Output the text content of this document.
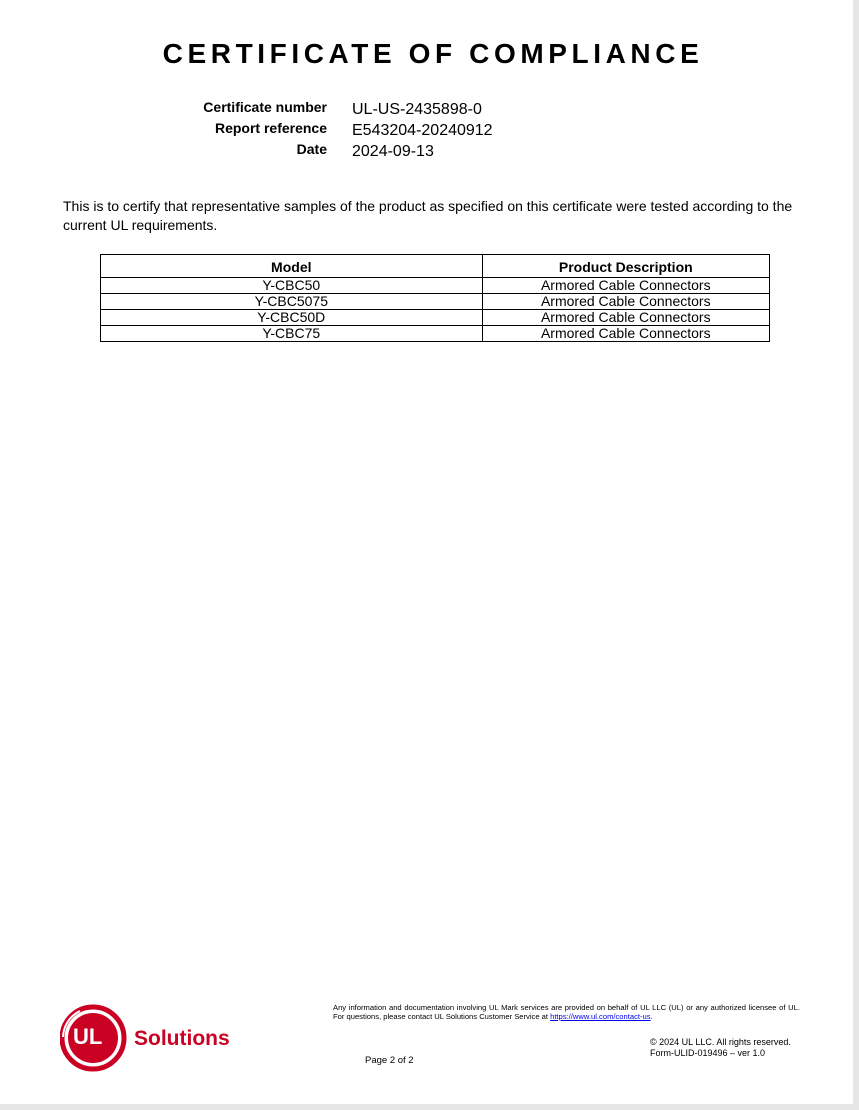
CERTIFICATE OF COMPLIANCE
Certificate number UL-US-2435898-0
Report reference E543204-20240912
Date 2024-09-13
This is to certify that representative samples of the product as specified on this certificate were tested according to the current UL requirements.
Model	Product Description
Y-CBC50	Armored Cable Connectors
Y-CBC5075	Armored Cable Connectors
Y-CBC50D	Armored Cable Connectors
Y-CBC75	Armored Cable Connectors
UL Solutions
Any information and documentation involving UL Mark services are provided on behalf of UL LLC (UL) or any authorized licensee of UL. For questions, please contact UL Solutions Customer Service at https://www.ul.com/contact-us.
© 2024 UL LLC. All rights reserved.
Form-ULID-019496 – ver 1.0
Page 2 of 2
